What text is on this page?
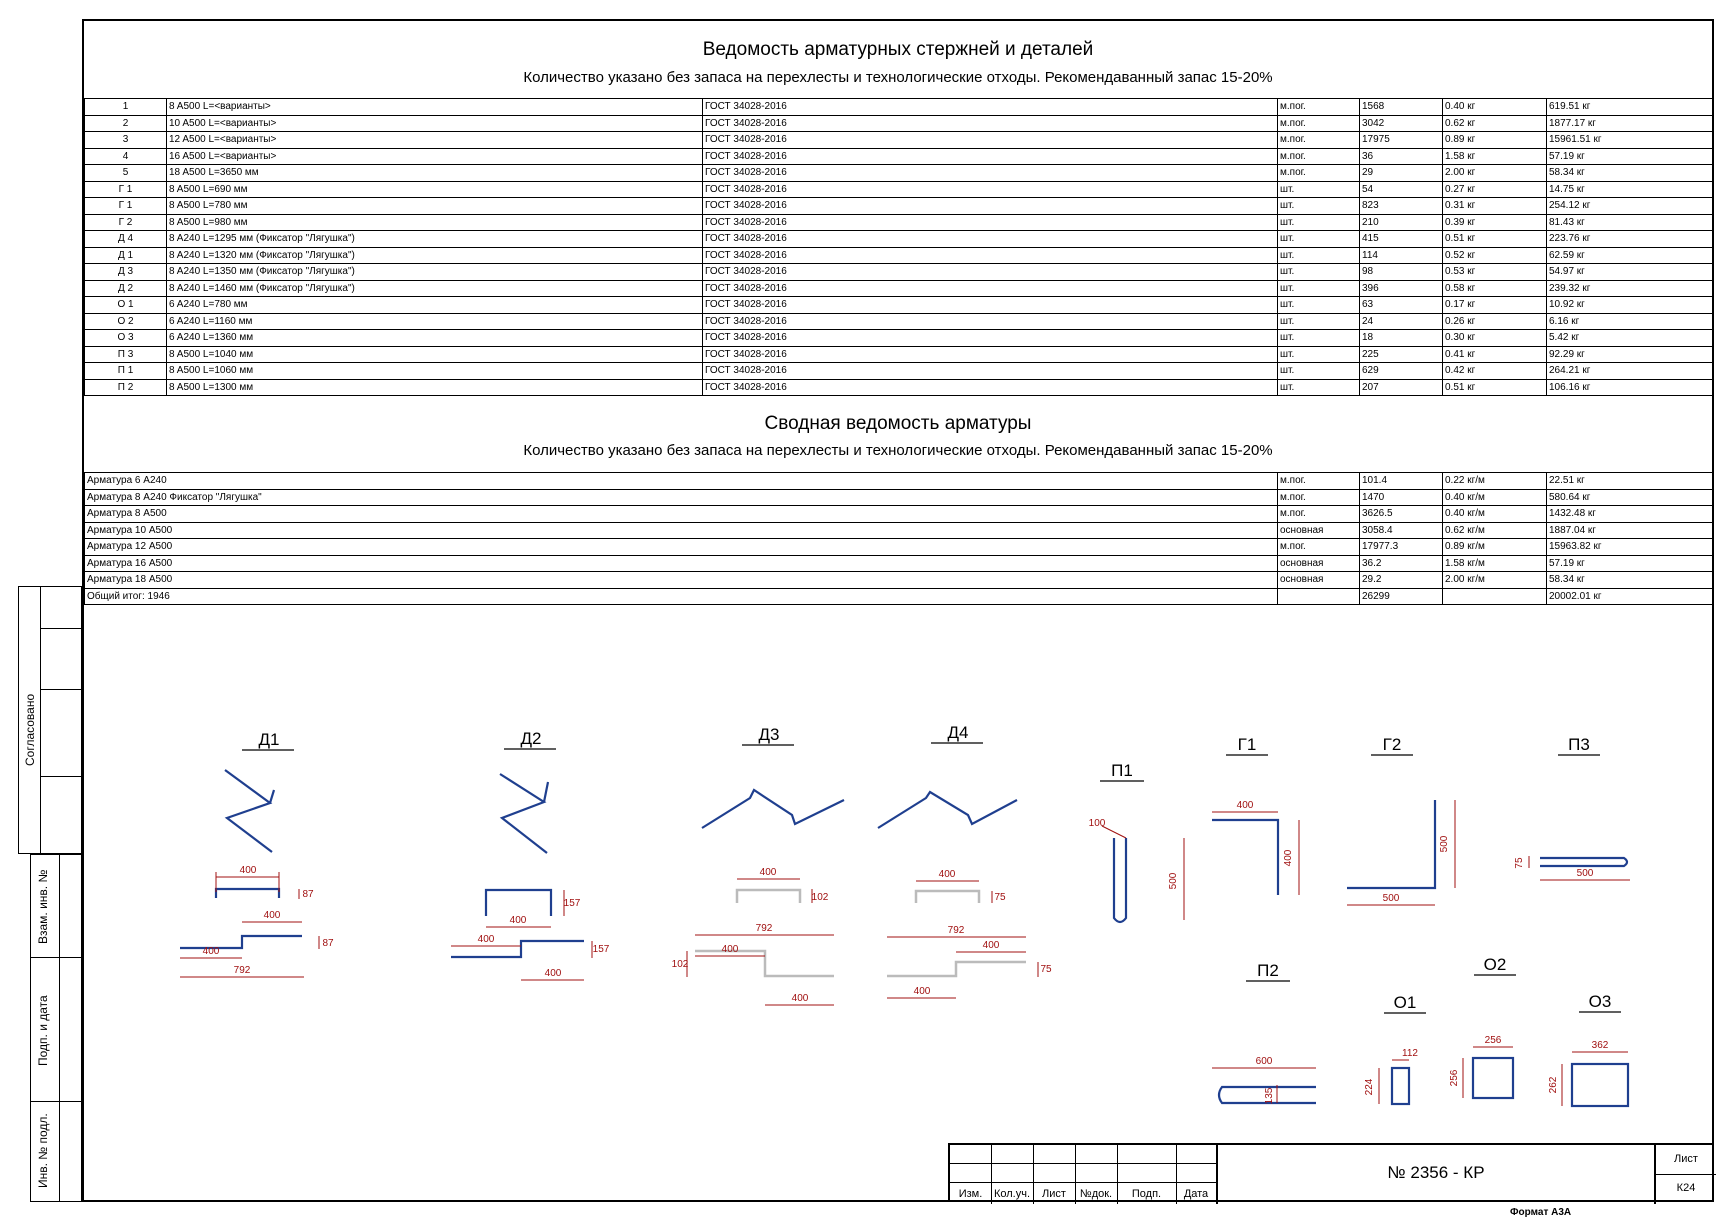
Ведомость арматурных стержней и деталей
Количество указано без запаса на перехлесты и технологические отходы. Рекомендаванный запас 15-20%
1	8 A500 L=<варианты>	ГОСТ 34028-2016	м.пог.	1568	0.40 кг	619.51 кг
2	10 A500 L=<варианты>	ГОСТ 34028-2016	м.пог.	3042	0.62 кг	1877.17 кг
3	12 A500 L=<варианты>	ГОСТ 34028-2016	м.пог.	17975	0.89 кг	15961.51 кг
4	16 A500 L=<варианты>	ГОСТ 34028-2016	м.пог.	36	1.58 кг	57.19 кг
5	18 A500 L=3650 мм	ГОСТ 34028-2016	м.пог.	29	2.00 кг	58.34 кг
Г 1	8 A500 L=690 мм	ГОСТ 34028-2016	шт.	54	0.27 кг	14.75 кг
Г 1	8 A500 L=780 мм	ГОСТ 34028-2016	шт.	823	0.31 кг	254.12 кг
Г 2	8 A500 L=980 мм	ГОСТ 34028-2016	шт.	210	0.39 кг	81.43 кг
Д 4	8 A240 L=1295 мм (Фиксатор "Лягушка")	ГОСТ 34028-2016	шт.	415	0.51 кг	223.76 кг
Д 1	8 A240 L=1320 мм (Фиксатор "Лягушка")	ГОСТ 34028-2016	шт.	114	0.52 кг	62.59 кг
Д 3	8 A240 L=1350 мм (Фиксатор "Лягушка")	ГОСТ 34028-2016	шт.	98	0.53 кг	54.97 кг
Д 2	8 A240 L=1460 мм (Фиксатор "Лягушка")	ГОСТ 34028-2016	шт.	396	0.58 кг	239.32 кг
О 1	6 A240 L=780 мм	ГОСТ 34028-2016	шт.	63	0.17 кг	10.92 кг
О 2	6 A240 L=1160 мм	ГОСТ 34028-2016	шт.	24	0.26 кг	6.16 кг
О 3	6 A240 L=1360 мм	ГОСТ 34028-2016	шт.	18	0.30 кг	5.42 кг
П 3	8 A500 L=1040 мм	ГОСТ 34028-2016	шт.	225	0.41 кг	92.29 кг
П 1	8 A500 L=1060 мм	ГОСТ 34028-2016	шт.	629	0.42 кг	264.21 кг
П 2	8 A500 L=1300 мм	ГОСТ 34028-2016	шт.	207	0.51 кг	106.16 кг
Сводная ведомость арматуры
Количество указано без запаса на перехлесты и технологические отходы. Рекомендаванный запас 15-20%
Арматура 6 A240	м.пог.	101.4	0.22 кг/м	22.51 кг
Арматура 8 A240 Фиксатор "Лягушка"	м.пог.	1470	0.40 кг/м	580.64 кг
Арматура 8 A500	м.пог.	3626.5	0.40 кг/м	1432.48 кг
Арматура 10 A500	основная	3058.4	0.62 кг/м	1887.04 кг
Арматура 12 A500	м.пог.	17977.3	0.89 кг/м	15963.82 кг
Арматура 16 A500	основная	36.2	1.58 кг/м	57.19 кг
Арматура 18 A500	основная	29.2	2.00 кг/м	58.34 кг
Общий итог: 1946		26299		20002.01 кг
Согласовано
Взам. инв. №
Подп. и дата
Инв. № подл.
Д1
400
87
400
87
400
792
Д2
157
400
400
157
400
Д3
400
102
792
400
102
400
Д4
400
75
792
400
75
400
П1
100
500
Г1
400
400
Г2
500
500
П3
75
500
П2
600
135
О1
112
224
О2
256
256
О3
362
262
Изм.	Кол.уч.	Лист	№док.	Подп.	Дата
№ 2356 - КР
Лист
К24
Формат А3А
